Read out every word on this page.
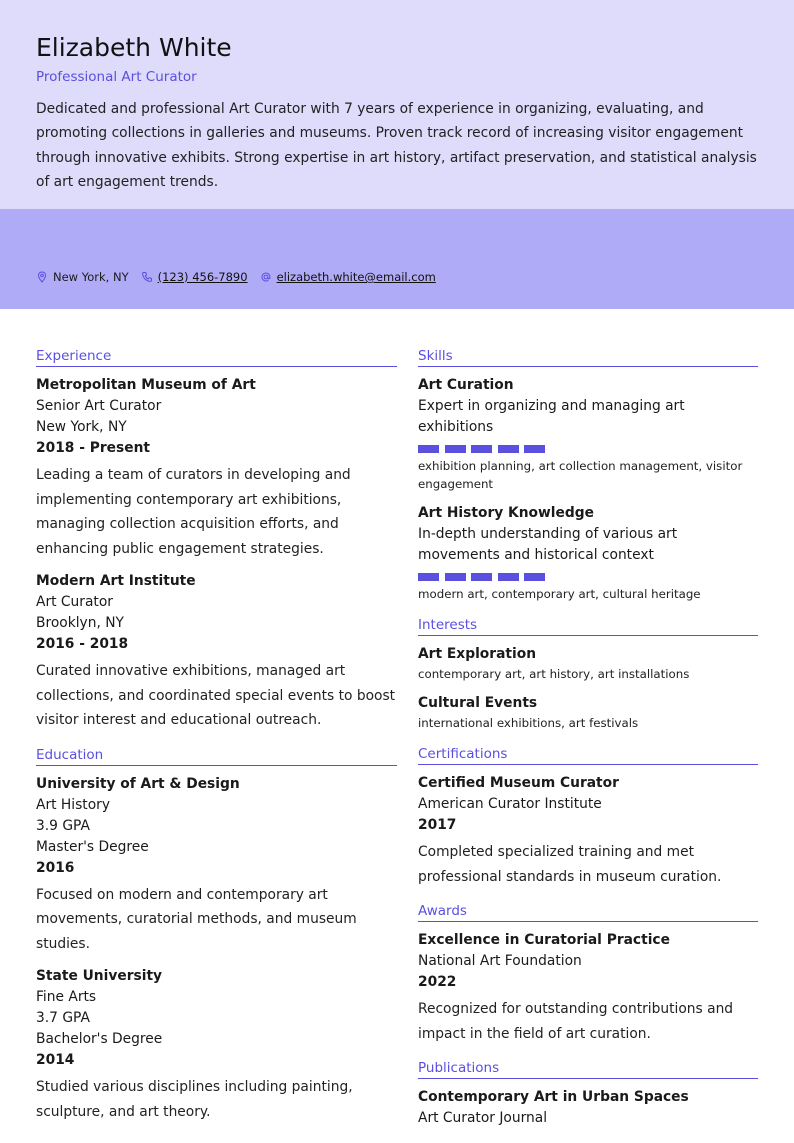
Elizabeth White
Professional Art Curator
Dedicated and professional Art Curator with 7 years of experience in organizing, evaluating, and promoting collections in galleries and museums. Proven track record of increasing visitor engagement through innovative exhibits. Strong expertise in art history, artifact preservation, and statistical analysis of art engagement trends.
New York, NY	(123) 456-7890	elizabeth.white@email.com
Experience
Metropolitan Museum of Art
Senior Art Curator
New York, NY
2018 - Present
Leading a team of curators in developing and implementing contemporary art exhibitions, managing collection acquisition efforts, and enhancing public engagement strategies.
Modern Art Institute
Art Curator
Brooklyn, NY
2016 - 2018
Curated innovative exhibitions, managed art collections, and coordinated special events to boost visitor interest and educational outreach.
Education
University of Art & Design
Art History
3.9 GPA
Master's Degree
2016
Focused on modern and contemporary art movements, curatorial methods, and museum studies.
State University
Fine Arts
3.7 GPA
Bachelor's Degree
2014
Studied various disciplines including painting, sculpture, and art theory.
Skills
Art Curation
Expert in organizing and managing art exhibitions
exhibition planning, art collection management, visitor engagement
Art History Knowledge
In-depth understanding of various art movements and historical context
modern art, contemporary art, cultural heritage
Interests
Art Exploration
contemporary art, art history, art installations
Cultural Events
international exhibitions, art festivals
Certifications
Certified Museum Curator
American Curator Institute
2017
Completed specialized training and met professional standards in museum curation.
Awards
Excellence in Curatorial Practice
National Art Foundation
2022
Recognized for outstanding contributions and impact in the field of art curation.
Publications
Contemporary Art in Urban Spaces
Art Curator Journal
